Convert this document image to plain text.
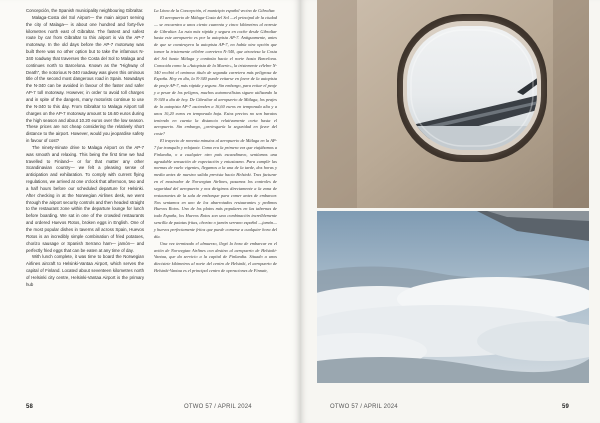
Concepción, the Spanish municipality neighbouring Gibraltar.

Malaga-Costa del Sol Airport— the main airport serving the city of Malaga— is about one hundred and forty-five kilometres north east of Gibraltar. The fastest and safest route by car from Gibraltar to this airport is via the AP-7 motorway. In the old days before the AP-7 motorway was built there was no other option but to take the infamous N-340 roadway that traverses the Costa del Sol to Malaga and continues north to Barcelona. Known as the "Highway of Death", the notorious N-340 roadway was given this ominous title of the second most dangerous road in Spain. Nowadays the N-340 can be avoided in favour of the faster and safer AP-7 toll motorway. However, in order to avoid toll charges and in spite of the dangers, many motorists continue to use the N-340 to this day. From Gibraltar to Malaga Airport toll charges on the AP-7 motorway amount to 16.60 euros during the high season and about 10.20 euros over the low season. These prices are not cheap considering the relatively short distance to the airport. However, would you jeopardise safety in favour of cost?

The ninety-minute drive to Malaga Airport on the AP-7 was smooth and relaxing. This being the first time we had travelled to Finland— or for that matter any other Scandinavian country— we felt a pleasing sense of anticipation and exhilaration. To comply with current flying regulations, we arrived at one o'clock that afternoon, two and a half hours before our scheduled departure for Helsinki. After checking in at the Norwegian Airlines desk, we went through the airport security controls and then headed straight to the restaurant zone within the departure lounge for lunch before boarding. We sat in one of the crowded restaurants and ordered Huevos Rotos, broken eggs in English. One of the most popular dishes in taverns all across Spain, Huevos Rotos is an incredibly simple combination of fried potatoes, chorizo sausage or Spanish Serrano ham— jamón— and perfectly fried eggs that can be eaten at any time of day.

With lunch complete, it was time to board the Norwegian Airlines aircraft to Helsinki-Vantaa Airport, which serves the capital of Finland. Located about seventeen kilometres north of Helsinki city centre, Helsinki-Vantaa Airport is the primary hub

La Línea de la Concepción, el municipio español vecino de Gibraltar.

El aeropuerto de Málaga-Costa del Sol —el principal de la ciudad— se encuentra a unos ciento cuarenta y cinco kilómetros al noreste de Gibraltar. La ruta más rápida y segura en coche desde Gibraltar hasta este aeropuerto es por la autopista AP-7. Antiguamente, antes de que se construyera la autopista AP-7, no había otra opción que tomar la tristemente célebre carretera N-340, que atraviesa la Costa del Sol hasta Málaga y continúa hacia el norte hasta Barcelona. Conocida como la «Autopista de la Muerte», la tristemente célebre N-340 recibió el ominoso título de segunda carretera más peligrosa de España. Hoy en día, la N-340 puede evitarse en favor de la autopista de peaje AP-7, más rápida y segura. Sin embargo, para evitar el peaje y a pesar de los peligros, muchos automovilistas siguen utilizando la N-340 a día de hoy. De Gibraltar al aeropuerto de Málaga, los peajes de la autopista AP-7 ascienden a 16,60 euros en temporada alta y a unos 10,20 euros en temporada baja. Estos precios no son baratos teniendo en cuenta la distancia relativamente corta hasta el aeropuerto. Sin embargo, ¿arriesgaría la seguridad en favor del coste?

El trayecto de noventa minutos al aeropuerto de Málaga en la AP-7 fue tranquilo y relajante. Como era la primera vez que viajábamos a Finlandia, o a cualquier otro país escandinavo, sentíamos una agradable sensación de expectación y entusiasmo. Para cumplir las normas de vuelo vigentes, llegamos a la una de la tarde, dos horas y media antes de nuestra salida prevista hacia Helsinki. Tras facturar en el mostrador de Norwegian Airlines, pasamos los controles de seguridad del aeropuerto y nos dirigimos directamente a la zona de restaurantes de la sala de embarque para comer antes de embarcar. Nos sentamos en uno de los abarrotados restaurantes y pedimos Huevos Rotos. Uno de los platos más populares en las tabernas de toda España, los Huevos Rotos son una combinación increíblemente sencilla de patatas fritas, chorizo o jamón serrano español —jamón— y huevos perfectamente fritos que puede comerse a cualquier hora del día.

Una vez terminado el almuerzo, llegó la hora de embarcar en el avión de Norwegian Airlines con destino al aeropuerto de Helsinki-Vantaa, que da servicio a la capital de Finlandia. Situado a unos diecisiete kilómetros al norte del centro de Helsinki, el aeropuerto de Helsinki-Vantaa es el principal centro de operaciones de Finnair,

58	OTWO 57 / APRIL 2024	OTWO 57 / APRIL 2024	59
